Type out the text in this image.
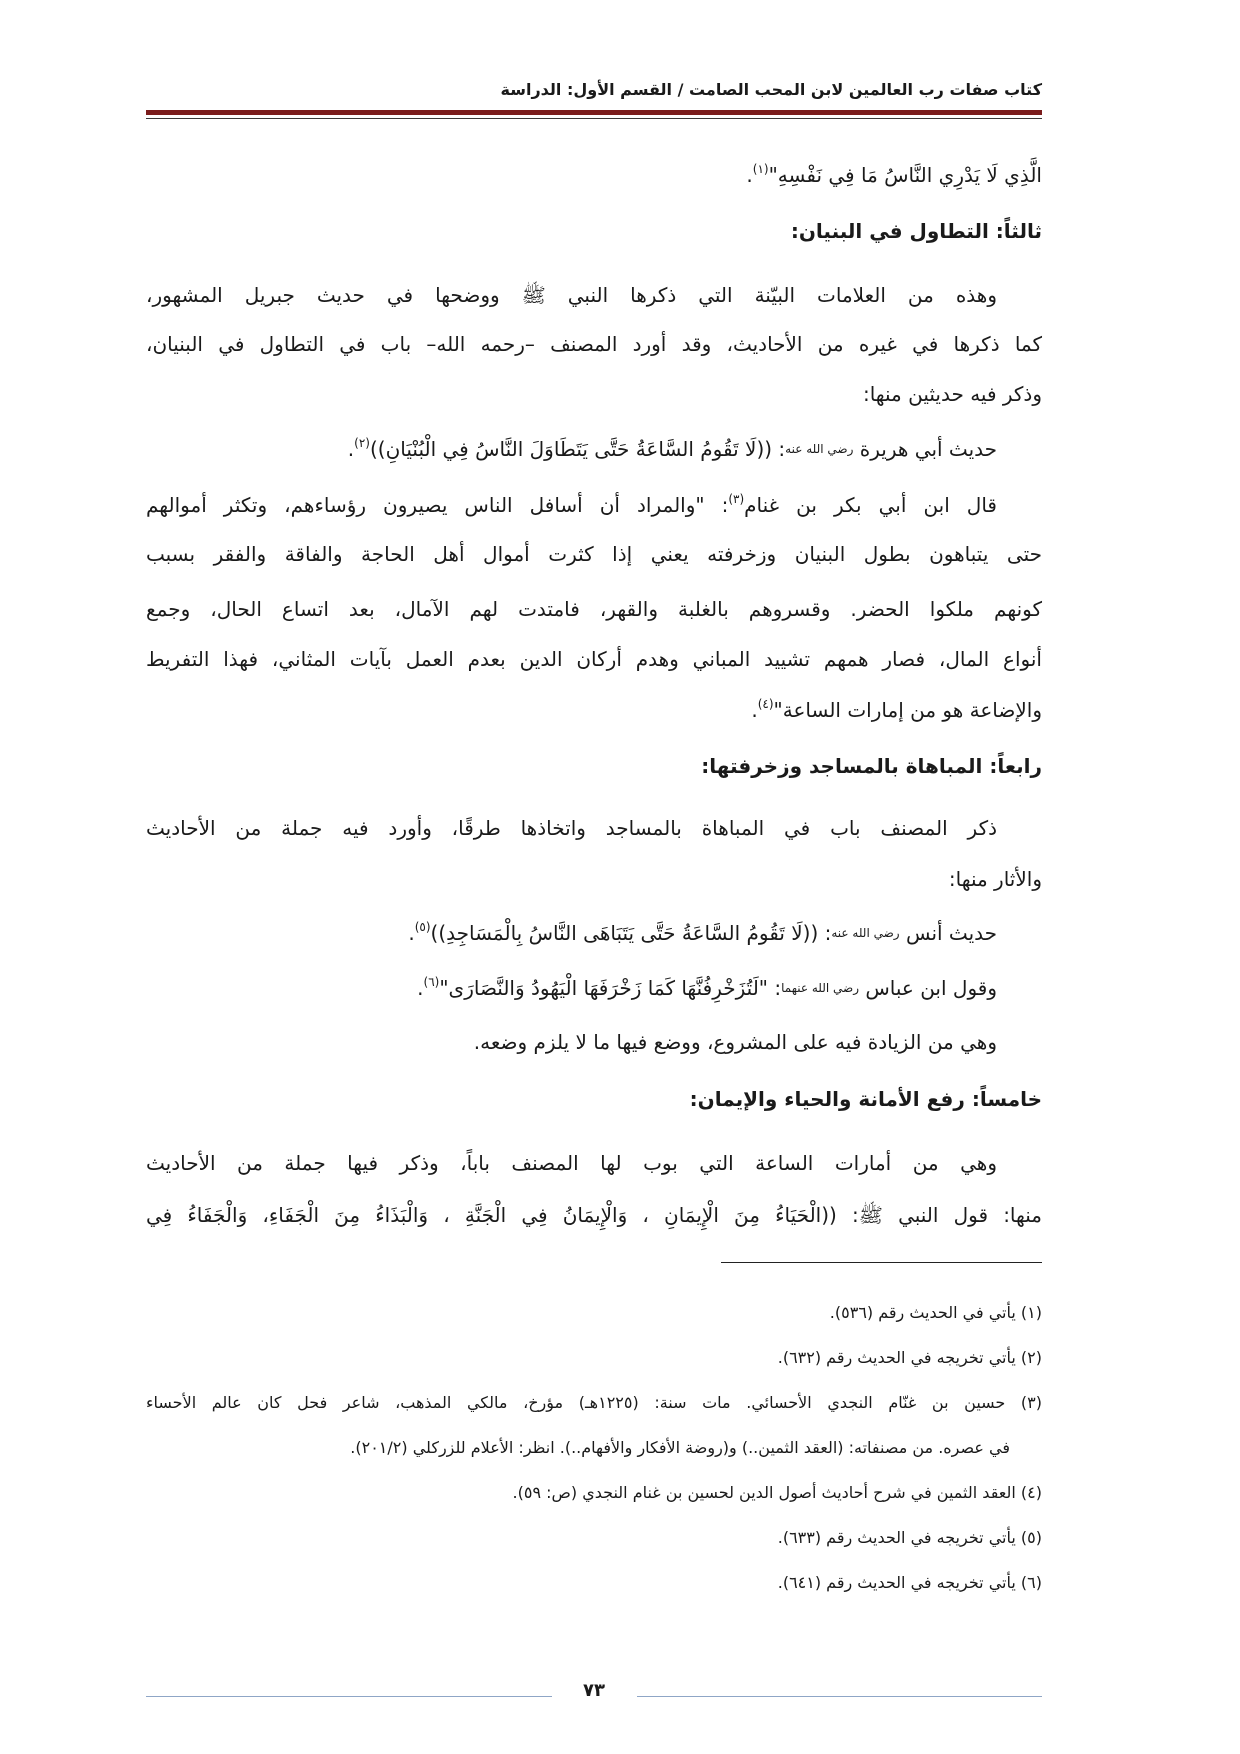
كتاب صفات رب العالمين لابن المحب الصامت / القسم الأول: الدراسة
الَّذِي لَا يَدْرِي النَّاسُ مَا فِي نَفْسِهِ"$^{(١)}$.
ثالثاً: التطاول في البنيان:
وهذه من العلامات البيّنة التي ذكرها النبي ﷺ ووضحها في حديث جبريل المشهور،
كما ذكرها في غيره من الأحاديث، وقد أورد المصنف –رحمه الله– باب في التطاول في البنيان،
وذكر فيه حديثين منها:
حديث أبي هريرة رضي الله عنه: ((لَا تَقُومُ السَّاعَةُ حَتَّى يَتَطَاوَلَ النَّاسُ فِي الْبُنْيَانِ))$^{(٢)}$.
قال ابن أبي بكر بن غنام$^{(٣)}$: "والمراد أن أسافل الناس يصيرون رؤساءهم، وتكثر أموالهم
حتى يتباهون بطول البنيان وزخرفته يعني إذا كثرت أموال أهل الحاجة والفاقة والفقر بسبب
كونهم ملكوا الحضر. وقسروهم بالغلبة والقهر، فامتدت لهم الآمال، بعد اتساع الحال، وجمع
أنواع المال، فصار همهم تشييد المباني وهدم أركان الدين بعدم العمل بآيات المثاني، فهذا التفريط
والإضاعة هو من إمارات الساعة"$^{(٤)}$.
رابعاً: المباهاة بالمساجد وزخرفتها:
ذكر المصنف باب في المباهاة بالمساجد واتخاذها طرقًا، وأورد فيه جملة من الأحاديث
والأثار منها:
حديث أنس رضي الله عنه: ((لَا تَقُومُ السَّاعَةُ حَتَّى يَتَبَاهَى النَّاسُ بِالْمَسَاجِدِ))$^{(٥)}$.
وقول ابن عباس رضي الله عنهما: "لَتُزَخْرِفُنَّهَا كَمَا زَخْرَفَهَا الْيَهُودُ وَالنَّصَارَى"$^{(٦)}$.
وهي من الزيادة فيه على المشروع، ووضع فيها ما لا يلزم وضعه.
خامساً: رفع الأمانة والحياء والإيمان:
وهي من أمارات الساعة التي بوب لها المصنف باباً، وذكر فيها جملة من الأحاديث
منها: قول النبي ﷺ: ((الْحَيَاءُ مِنَ الْإِيمَانِ ، وَالْإِيمَانُ فِي الْجَنَّةِ ، وَالْبَذَاءُ مِنَ الْجَفَاءِ، وَالْجَفَاءُ فِي
(١) يأتي في الحديث رقم (٥٣٦).
(٢) يأتي تخريجه في الحديث رقم (٦٣٢).
(٣) حسين بن غنّام النجدي الأحسائي. مات سنة: (١٢٢٥هـ) مؤرخ، مالكي المذهب، شاعر فحل كان عالم الأحساء
في عصره. من مصنفاته: (العقد الثمين..) و(روضة الأفكار والأفهام..). انظر: الأعلام للزركلي (٢٠١/٢).
(٤) العقد الثمين في شرح أحاديث أصول الدين لحسين بن غنام النجدي (ص: ٥٩).
(٥) يأتي تخريجه في الحديث رقم (٦٣٣).
(٦) يأتي تخريجه في الحديث رقم (٦٤١).
٧٣
